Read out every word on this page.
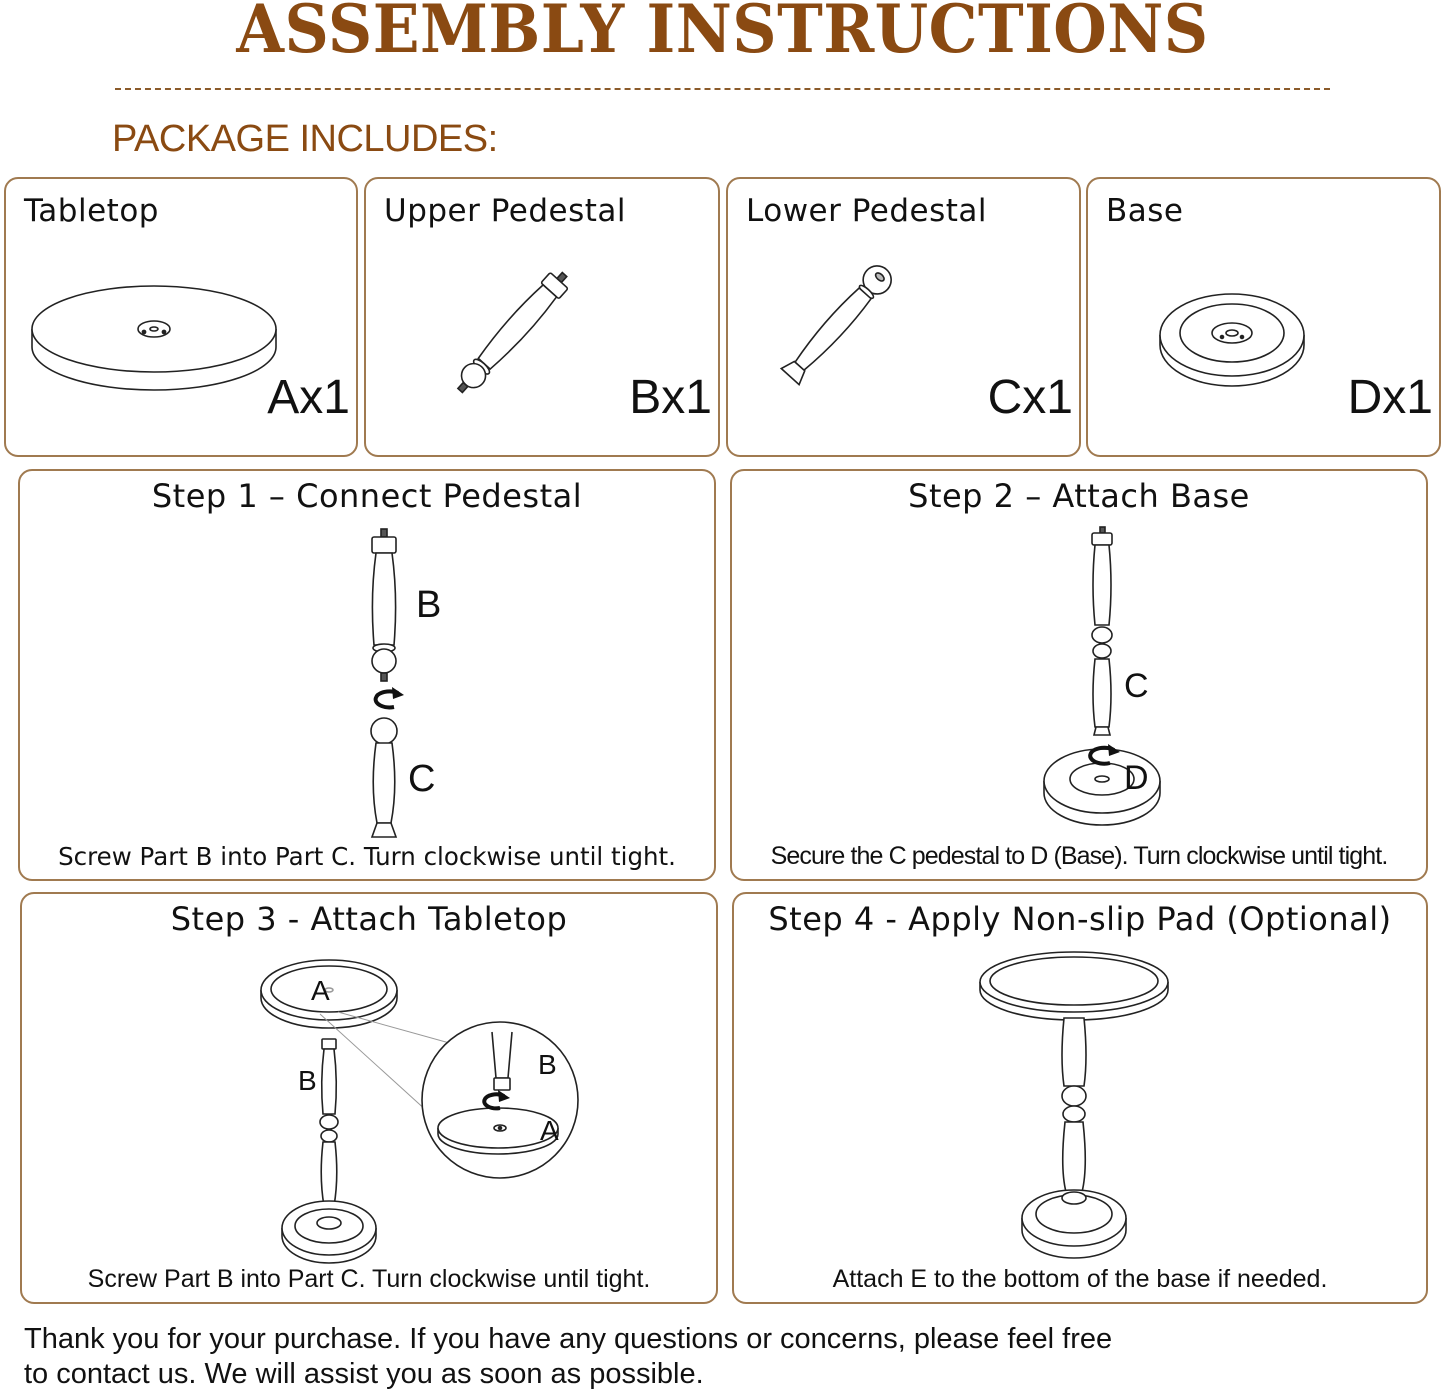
ASSEMBLY INSTRUCTIONS
PACKAGE INCLUDES:
Tabletop
Ax1
Upper Pedestal
Bx1
Lower Pedestal
Cx1
Base
Dx1
Step 1 – Connect Pedestal
B
C
Screw Part B into Part C. Turn clockwise until tight.
Step 2 – Attach Base
C
D
Secure the C pedestal to D (Base). Turn clockwise until tight.
Step 3 - Attach Tabletop
A
B
B
A
Screw Part B into Part C. Turn clockwise until tight.
Step 4 - Apply Non-slip Pad (Optional)
Attach E to the bottom of the base if needed.

Thank you for your purchase. If you have any questions or concerns, please feel free
to contact us. We will assist you as soon as possible.
